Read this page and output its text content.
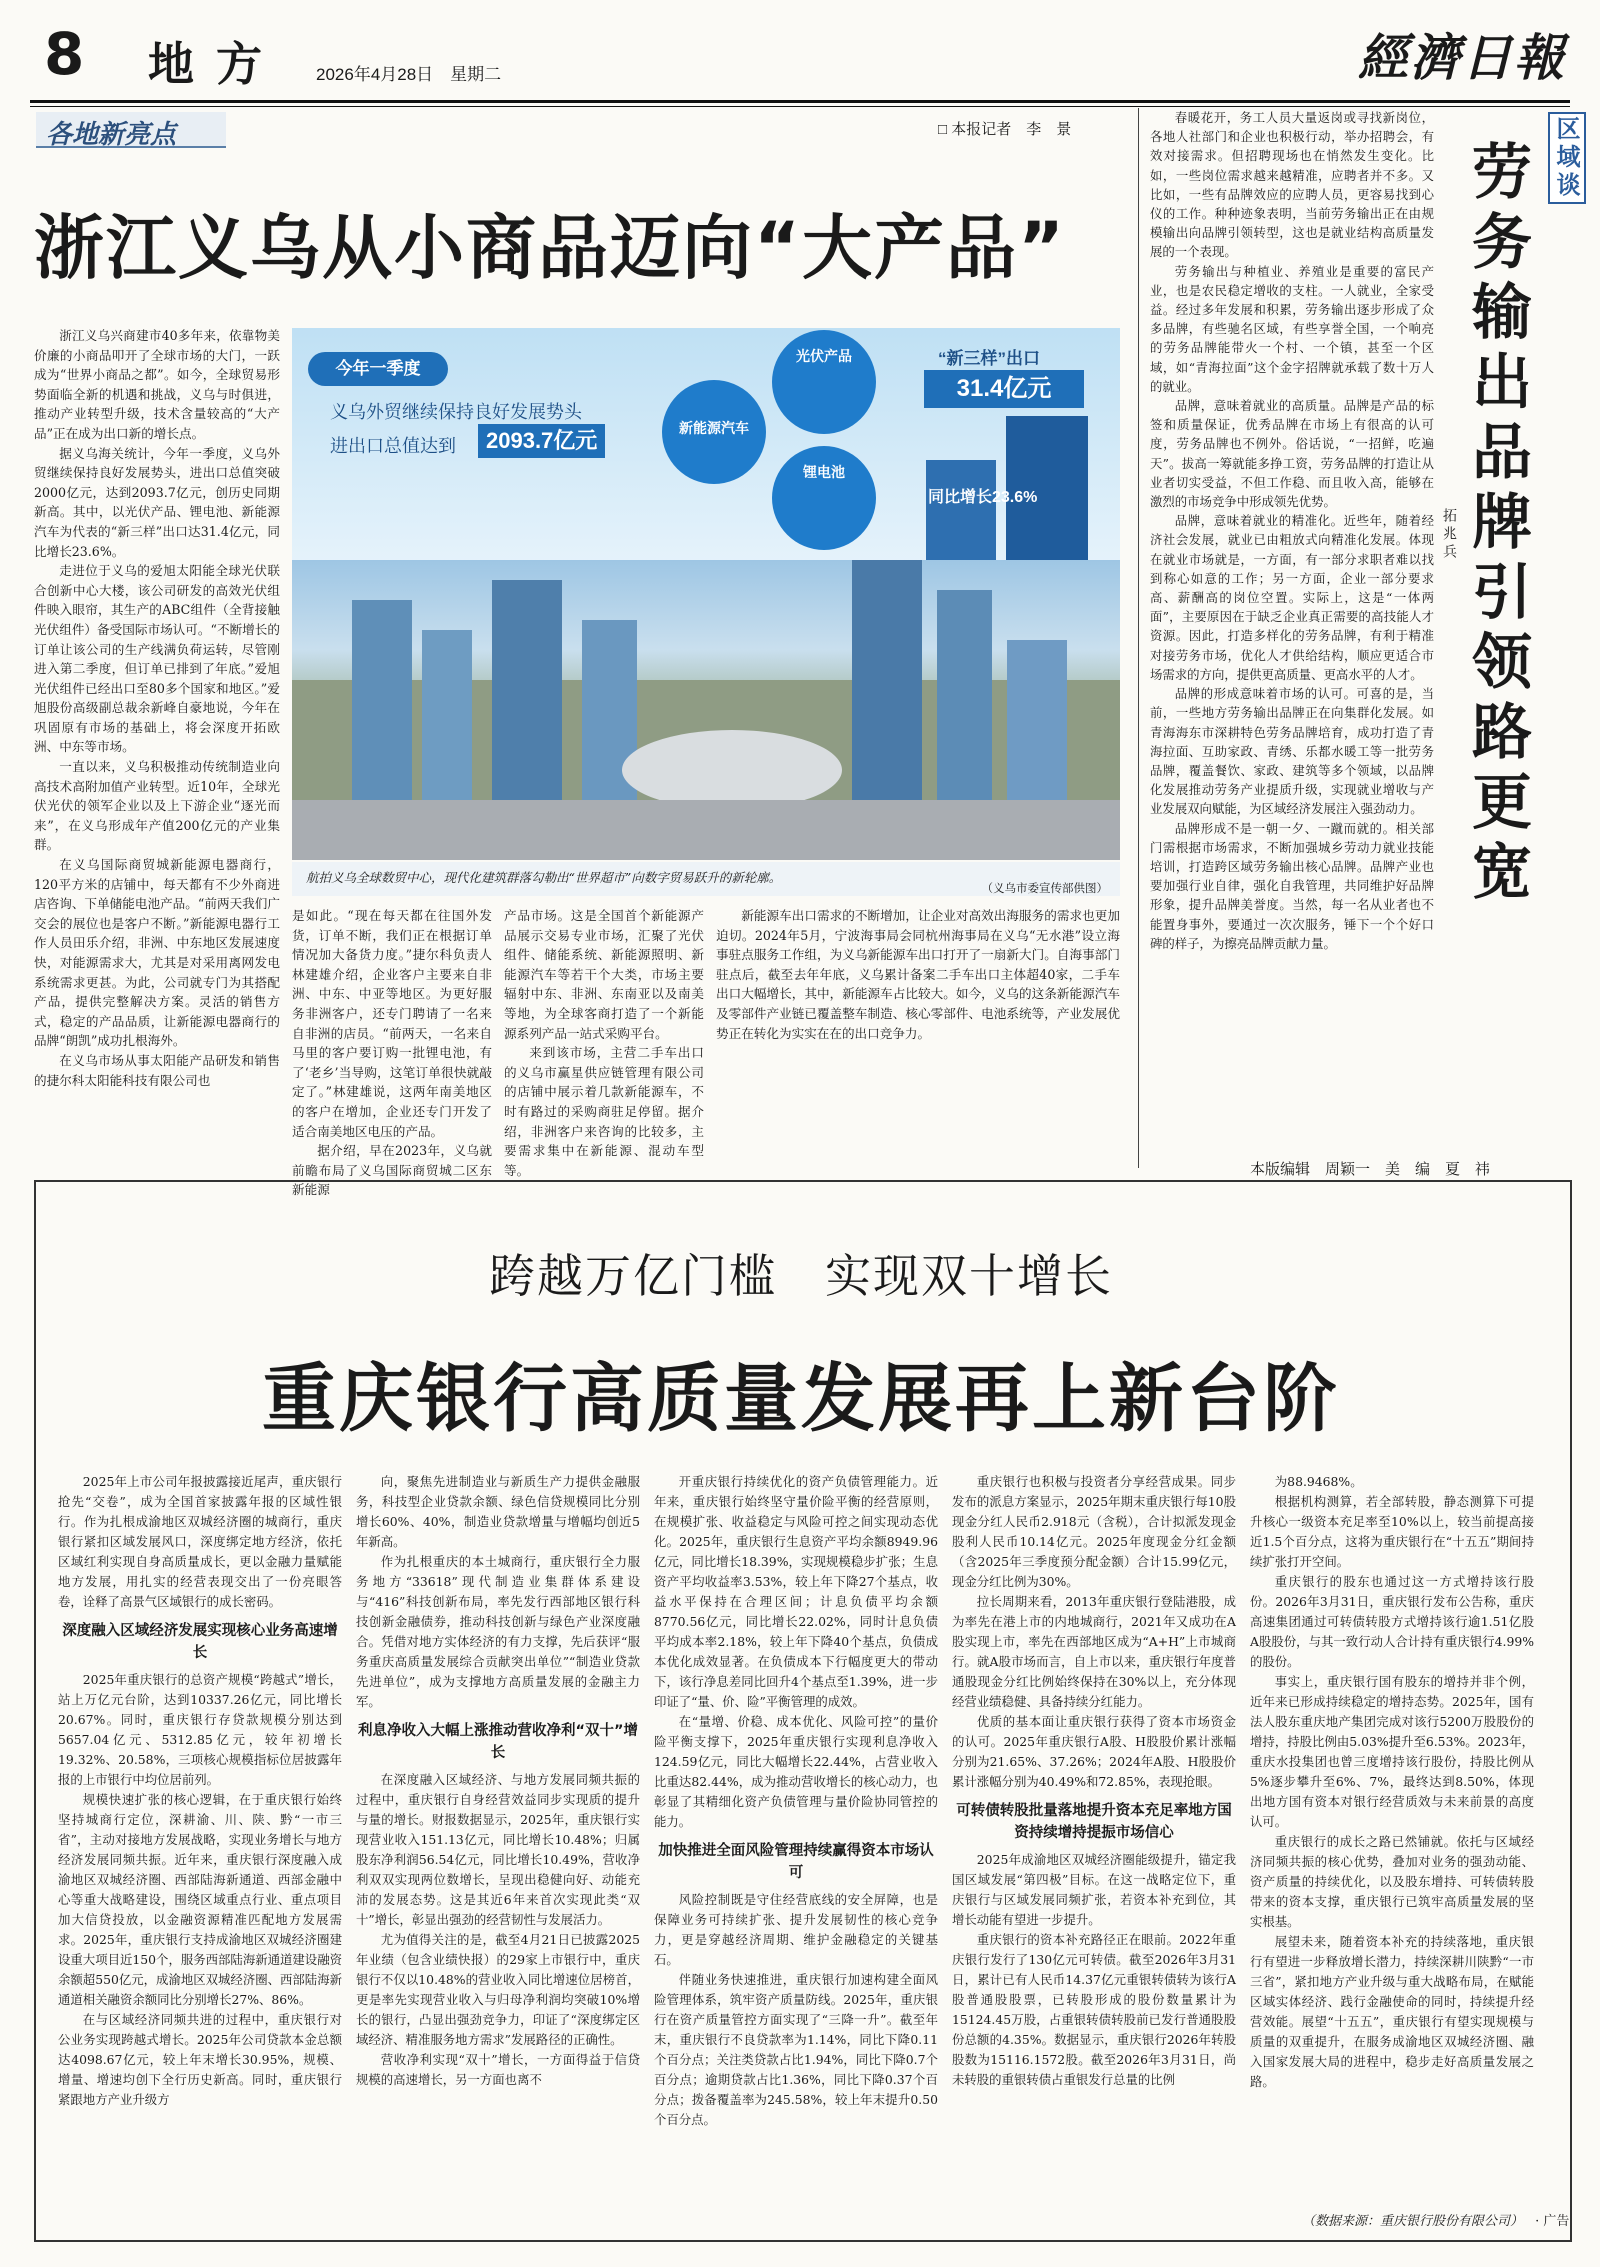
8 地方 2026年4月28日　星期二	經濟日報
各地新亮点	□ 本报记者　李　景
浙江义乌从小商品迈向“大产品”

浙江义乌兴商建市40多年来，依靠物美价廉的小商品叩开了全球市场的大门，一跃成为“世界小商品之都”。如今，全球贸易形势面临全新的机遇和挑战，义乌与时俱进，推动产业转型升级，技术含量较高的“大产品”正在成为出口新的增长点。

据义乌海关统计，今年一季度，义乌外贸继续保持良好发展势头，进出口总值突破2000亿元，达到2093.7亿元，创历史同期新高。其中，以光伏产品、锂电池、新能源汽车为代表的“新三样”出口达31.4亿元，同比增长23.6%。

走进位于义乌的爱旭太阳能全球光伏联合创新中心大楼，该公司研发的高效光伏组件映入眼帘，其生产的ABC组件（全背接触光伏组件）备受国际市场认可。“不断增长的订单让该公司的生产线满负荷运转，尽管刚进入第二季度，但订单已排到了年底。”爱旭光伏组件已经出口至80多个国家和地区。”爱旭股份高级副总裁余新峰自豪地说，今年在巩固原有市场的基础上，将会深度开拓欧洲、中东等市场。

一直以来，义乌积极推动传统制造业向高技术高附加值产业转型。近10年，全球光伏光伏的领军企业以及上下游企业“逐光而来”，在义乌形成年产值200亿元的产业集群。

在义乌国际商贸城新能源电器商行，120平方米的店铺中，每天都有不少外商进店咨询、下单储能电池产品。“前两天我们广交会的展位也是客户不断。”新能源电器行工作人员田乐介绍，非洲、中东地区发展速度快，对能源需求大，尤其是对采用离网发电系统需求更甚。为此，公司就专门为其搭配产品，提供完整解决方案。灵活的销售方式，稳定的产品品质，让新能源电器商行的品牌“朗凯”成功扎根海外。

在义乌市场从事太阳能产品研发和销售的捷尔科太阳能科技有限公司也

今年一季度
义乌外贸继续保持良好发展势头
进出口总值达到	2093.7亿元	新能源汽车
光伏产品
锂电池
“新三样”出口
31.4亿元
同比增长23.6%
航拍义乌全球数贸中心，现代化建筑群落勾勒出“世界超市”向数字贸易跃升的新轮廓。
（义乌市委宣传部供图）

是如此。“现在每天都在往国外发货，订单不断，我们正在根据订单情况加大备货力度。”捷尔科负责人林建雄介绍，企业客户主要来自非洲、中东、中亚等地区。为更好服务非洲客户，还专门聘请了一名来自非洲的店员。“前两天，一名来自马里的客户要订购一批锂电池，有了‘老乡’当导购，这笔订单很快就敲定了。”林建雄说，这两年南美地区的客户在增加，企业还专门开发了适合南美地区电压的产品。

据介绍，早在2023年，义乌就前瞻布局了义乌国际商贸城二区东新能源

产品市场。这是全国首个新能源产品展示交易专业市场，汇聚了光伏组件、储能系统、新能源照明、新能源汽车等若干个大类，市场主要辐射中东、非洲、东南亚以及南美等地，为全球客商打造了一个新能源系列产品一站式采购平台。

来到该市场，主营二手车出口的义乌市赢星供应链管理有限公司的店铺中展示着几款新能源车，不时有路过的采购商驻足停留。据介绍，非洲客户来咨询的比较多，主要需求集中在新能源、混动车型等。

新能源车出口需求的不断增加，让企业对高效出海服务的需求也更加迫切。2024年5月，宁波海事局会同杭州海事局在义乌“无水港”设立海事驻点服务工作组，为义乌新能源车出口打开了一扇新大门。自海事部门驻点后，截至去年年底，义乌累计备案二手车出口主体超40家，二手车出口大幅增长，其中，新能源车占比较大。如今，义乌的这条新能源汽车及零部件产业链已覆盖整车制造、核心零部件、电池系统等，产业发展优势正在转化为实实在在的出口竞争力。

春暖花开，务工人员大量返岗或寻找新岗位，各地人社部门和企业也积极行动，举办招聘会，有效对接需求。但招聘现场也在悄然发生变化。比如，一些岗位需求越来越精准，应聘者并不多。又比如，一些有品牌效应的应聘人员，更容易找到心仪的工作。种种迹象表明，当前劳务输出正在由规模输出向品牌引领转型，这也是就业结构高质量发展的一个表现。

劳务输出与种植业、养殖业是重要的富民产业，也是农民稳定增收的支柱。一人就业，全家受益。经过多年发展和积累，劳务输出逐步形成了众多品牌，有些驰名区域，有些享誉全国，一个响亮的劳务品牌能带火一个村、一个镇，甚至一个区域，如“青海拉面”这个金字招牌就承载了数十万人的就业。

品牌，意味着就业的高质量。品牌是产品的标签和质量保证，优秀品牌在市场上有很高的认可度，劳务品牌也不例外。俗话说，“一招鲜，吃遍天”。拔高一筹就能多挣工资，劳务品牌的打造让从业者切实受益，不但工作稳、而且收入高，能够在激烈的市场竞争中形成领先优势。

品牌，意味着就业的精准化。近些年，随着经济社会发展，就业已由粗放式向精准化发展。体现在就业市场就是，一方面，有一部分求职者难以找到称心如意的工作；另一方面，企业一部分要求高、薪酬高的岗位空置。实际上，这是“一体两面”，主要原因在于缺乏企业真正需要的高技能人才资源。因此，打造多样化的劳务品牌，有利于精准对接劳务市场，优化人才供给结构，顺应更适合市场需求的方向，提供更高质量、更高水平的人才。

品牌的形成意味着市场的认可。可喜的是，当前，一些地方劳务输出品牌正在向集群化发展。如青海海东市深耕特色劳务品牌培育，成功打造了青海拉面、互助家政、青绣、乐都水暖工等一批劳务品牌，覆盖餐饮、家政、建筑等多个领域，以品牌化发展推动劳务产业提质升级，实现就业增收与产业发展双向赋能，为区域经济发展注入强劲动力。

品牌形成不是一朝一夕、一蹴而就的。相关部门需根据市场需求，不断加强城乡劳动力就业技能培训，打造跨区域劳务输出核心品牌。品牌产业也要加强行业自律，强化自我管理，共同维护好品牌形象，提升品牌美誉度。当然，每一名从业者也不能置身事外，要通过一次次服务，锤下一个个好口碑的样子，为擦亮品牌贡献力量。

拓兆兵
区域谈
劳务输出品牌引领路更宽
本版编辑　周颖一　美　编　夏　祎
跨越万亿门槛　实现双十增长
重庆银行高质量发展再上新台阶

2025年上市公司年报披露接近尾声，重庆银行抢先“交卷”，成为全国首家披露年报的区域性银行。作为扎根成渝地区双城经济圈的城商行，重庆银行紧扣区域发展风口，深度绑定地方经济，依托区域红利实现自身高质量成长，更以金融力量赋能地方发展，用扎实的经营表现交出了一份亮眼答卷，诠释了高景气区域银行的成长密码。

深度融入区域经济发展实现核心业务高速增长

2025年重庆银行的总资产规模“跨越式”增长，站上万亿元台阶，达到10337.26亿元，同比增长20.67%。同时，重庆银行存贷款规模分别达到5657.04亿元、5312.85亿元，较年初增长19.32%、20.58%，三项核心规模指标位居披露年报的上市银行中均位居前列。

规模快速扩张的核心逻辑，在于重庆银行始终坚持城商行定位，深耕渝、川、陕、黔“一市三省”，主动对接地方发展战略，实现业务增长与地方经济发展同频共振。近年来，重庆银行深度融入成渝地区双城经济圈、西部陆海新通道、西部金融中心等重大战略建设，围绕区域重点行业、重点项目加大信贷投放，以金融资源精准匹配地方发展需求。2025年，重庆银行支持成渝地区双城经济圈建设重大项目近150个，服务西部陆海新通道建设融资余额超550亿元，成渝地区双城经济圈、西部陆海新通道相关融资余额同比分别增长27%、86%。

在与区域经济同频共进的过程中，重庆银行对公业务实现跨越式增长。2025年公司贷款本金总额达4098.67亿元，较上年末增长30.95%，规模、增量、增速均创下全行历史新高。同时，重庆银行紧跟地方产业升级方

向，聚焦先进制造业与新质生产力提供金融服务，科技型企业贷款余额、绿色信贷规模同比分别增长60%、40%，制造业贷款增量与增幅均创近5年新高。

作为扎根重庆的本土城商行，重庆银行全力服务地方“33618”现代制造业集群体系建设与“416”科技创新布局，率先发行西部地区银行科技创新金融债券，推动科技创新与绿色产业深度融合。凭借对地方实体经济的有力支撑，先后获评“服务重庆高质量发展综合贡献突出单位”“制造业贷款先进单位”，成为支撑地方高质量发展的金融主力军。

利息净收入大幅上涨推动营收净利“双十”增长

在深度融入区域经济、与地方发展同频共振的过程中，重庆银行自身经营效益同步实现质的提升与量的增长。财报数据显示，2025年，重庆银行实现营业收入151.13亿元，同比增长10.48%；归属股东净利润56.54亿元，同比增长10.49%，营收净利双双实现两位数增长，呈现出稳健向好、动能充沛的发展态势。这是其近6年来首次实现此类“双十”增长，彰显出强劲的经营韧性与发展活力。

尤为值得关注的是，截至4月21日已披露2025年业绩（包含业绩快报）的29家上市银行中，重庆银行不仅以10.48%的营业收入同比增速位居榜首，更是率先实现营业收入与归母净利润均突破10%增长的银行，凸显出强劲竞争力，印证了“深度绑定区域经济、精准服务地方需求”发展路径的正确性。

营收净利实现“双十”增长，一方面得益于信贷规模的高速增长，另一方面也离不

开重庆银行持续优化的资产负债管理能力。近年来，重庆银行始终坚守量价险平衡的经营原则，在规模扩张、收益稳定与风险可控之间实现动态优化。2025年，重庆银行生息资产平均余额8949.96亿元，同比增长18.39%，实现规模稳步扩张；生息资产平均收益率3.53%，较上年下降27个基点，收益水平保持在合理区间；计息负债平均余额8770.56亿元，同比增长22.02%，同时计息负债平均成本率2.18%，较上年下降40个基点，负债成本优化成效显著。在负债成本下行幅度更大的带动下，该行净息差同比回升4个基点至1.39%，进一步印证了“量、价、险”平衡管理的成效。

在“量增、价稳、成本优化、风险可控”的量价险平衡支撑下，2025年重庆银行实现利息净收入124.59亿元，同比大幅增长22.44%，占营业收入比重达82.44%，成为推动营收增长的核心动力，也彰显了其精细化资产负债管理与量价险协同管控的能力。

加快推进全面风险管理持续赢得资本市场认可

风险控制既是守住经营底线的安全屏障，也是保障业务可持续扩张、提升发展韧性的核心竞争力，更是穿越经济周期、维护金融稳定的关键基石。

伴随业务快速推进，重庆银行加速构建全面风险管理体系，筑牢资产质量防线。2025年，重庆银行在资产质量管控方面实现了“三降一升”。截至年末，重庆银行不良贷款率为1.14%，同比下降0.11个百分点；关注类贷款占比1.94%，同比下降0.7个百分点；逾期贷款占比1.36%，同比下降0.37个百分点；拨备覆盖率为245.58%，较上年末提升0.50个百分点。

重庆银行也积极与投资者分享经营成果。同步发布的派息方案显示，2025年期末重庆银行每10股现金分红人民币2.918元（含税），合计拟派发现金股利人民币10.14亿元。2025年度现金分红金额（含2025年三季度预分配金额）合计15.99亿元，现金分红比例为30%。

拉长周期来看，2013年重庆银行登陆港股，成为率先在港上市的内地城商行，2021年又成功在A股实现上市，率先在西部地区成为“A+H”上市城商行。就A股市场而言，自上市以来，重庆银行年度普通股现金分红比例始终保持在30%以上，充分体现经营业绩稳健、具备持续分红能力。

优质的基本面让重庆银行获得了资本市场资金的认可。2025年重庆银行A股、H股股价累计涨幅分别为21.65%、37.26%；2024年A股、H股股价累计涨幅分别为40.49%和72.85%，表现抢眼。

可转债转股批量落地提升资本充足率地方国资持续增持提振市场信心

2025年成渝地区双城经济圈能级提升，锚定我国区域发展“第四极”目标。在这一战略定位下，重庆银行与区域发展同频扩张，若资本补充到位，其增长动能有望进一步提升。

重庆银行的资本补充路径正在眼前。2022年重庆银行发行了130亿元可转债。截至2026年3月31日，累计已有人民币14.37亿元重银转债转为该行A股普通股股票，已转股形成的股份数量累计为15124.45万股，占重银转债转股前已发行普通股股份总额的4.35%。数据显示，重庆银行2026年转股股数为15116.1572股。截至2026年3月31日，尚未转股的重银转债占重银发行总量的比例

为88.9468%。

根据机构测算，若全部转股，静态测算下可提升核心一级资本充足率至10%以上，较当前提高接近1.5个百分点，这将为重庆银行在“十五五”期间持续扩张打开空间。

重庆银行的股东也通过这一方式增持该行股份。2026年3月31日，重庆银行发布公告称，重庆高速集团通过可转债转股方式增持该行逾1.51亿股A股股份，与其一致行动人合计持有重庆银行4.99%的股份。

事实上，重庆银行国有股东的增持并非个例，近年来已形成持续稳定的增持态势。2025年，国有法人股东重庆地产集团完成对该行5200万股股份的增持，持股比例由5.03%提升至6.53%。2023年，重庆水投集团也曾三度增持该行股份，持股比例从5%逐步攀升至6%、7%，最终达到8.50%，体现出地方国有资本对银行经营质效与未来前景的高度认可。

重庆银行的成长之路已然铺就。依托与区域经济同频共振的核心优势，叠加对业务的强劲动能、资产质量的持续优化，以及股东增持、可转债转股带来的资本支撑，重庆银行已筑牢高质量发展的坚实根基。

展望未来，随着资本补充的持续落地，重庆银行有望进一步释放增长潜力，持续深耕川陕黔“一市三省”，紧扣地方产业升级与重大战略布局，在赋能区域实体经济、践行金融使命的同时，持续提升经营效能。展望“十五五”，重庆银行有望实现规模与质量的双重提升，在服务成渝地区双城经济圈、融入国家发展大局的进程中，稳步走好高质量发展之路。

（数据来源：重庆银行股份有限公司） · 广告
